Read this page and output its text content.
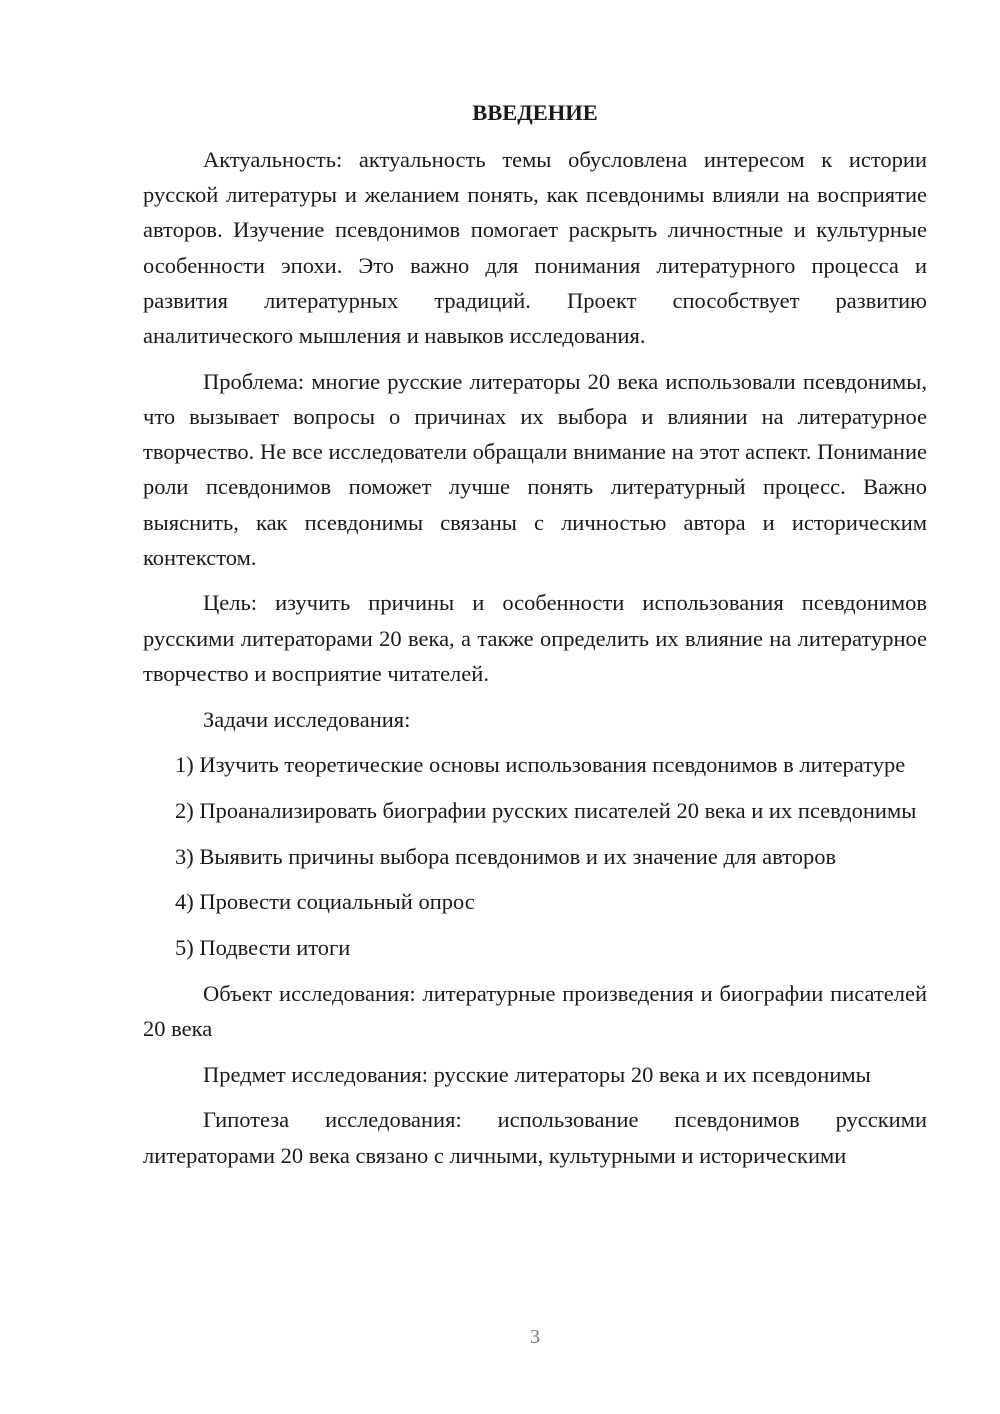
ВВЕДЕНИЕ

Актуальность: актуальность темы обусловлена интересом к истории русской литературы и желанием понять, как псевдонимы влияли на восприятие авторов. Изучение псевдонимов помогает раскрыть личностные и культурные особенности эпохи. Это важно для понимания литературного процесса и развития литературных традиций. Проект способствует развитию аналитического мышления и навыков исследования.

Проблема: многие русские литераторы 20 века использовали псевдонимы, что вызывает вопросы о причинах их выбора и влиянии на литературное творчество. Не все исследователи обращали внимание на этот аспект. Понимание роли псевдонимов поможет лучше понять литературный процесс. Важно выяснить, как псевдонимы связаны с личностью автора и историческим контекстом.

Цель: изучить причины и особенности использования псевдонимов русскими литераторами 20 века, а также определить их влияние на литературное творчество и восприятие читателей.

Задачи исследования:

1) Изучить теоретические основы использования псевдонимов в литературе

2) Проанализировать биографии русских писателей 20 века и их псевдонимы

3) Выявить причины выбора псевдонимов и их значение для авторов

4) Провести социальный опрос

5) Подвести итоги

Объект исследования: литературные произведения и биографии писателей 20 века

Предмет исследования: русские литераторы 20 века и их псевдонимы

Гипотеза исследования: использование псевдонимов русскими литераторами 20 века связано с личными, культурными и историческими

3
